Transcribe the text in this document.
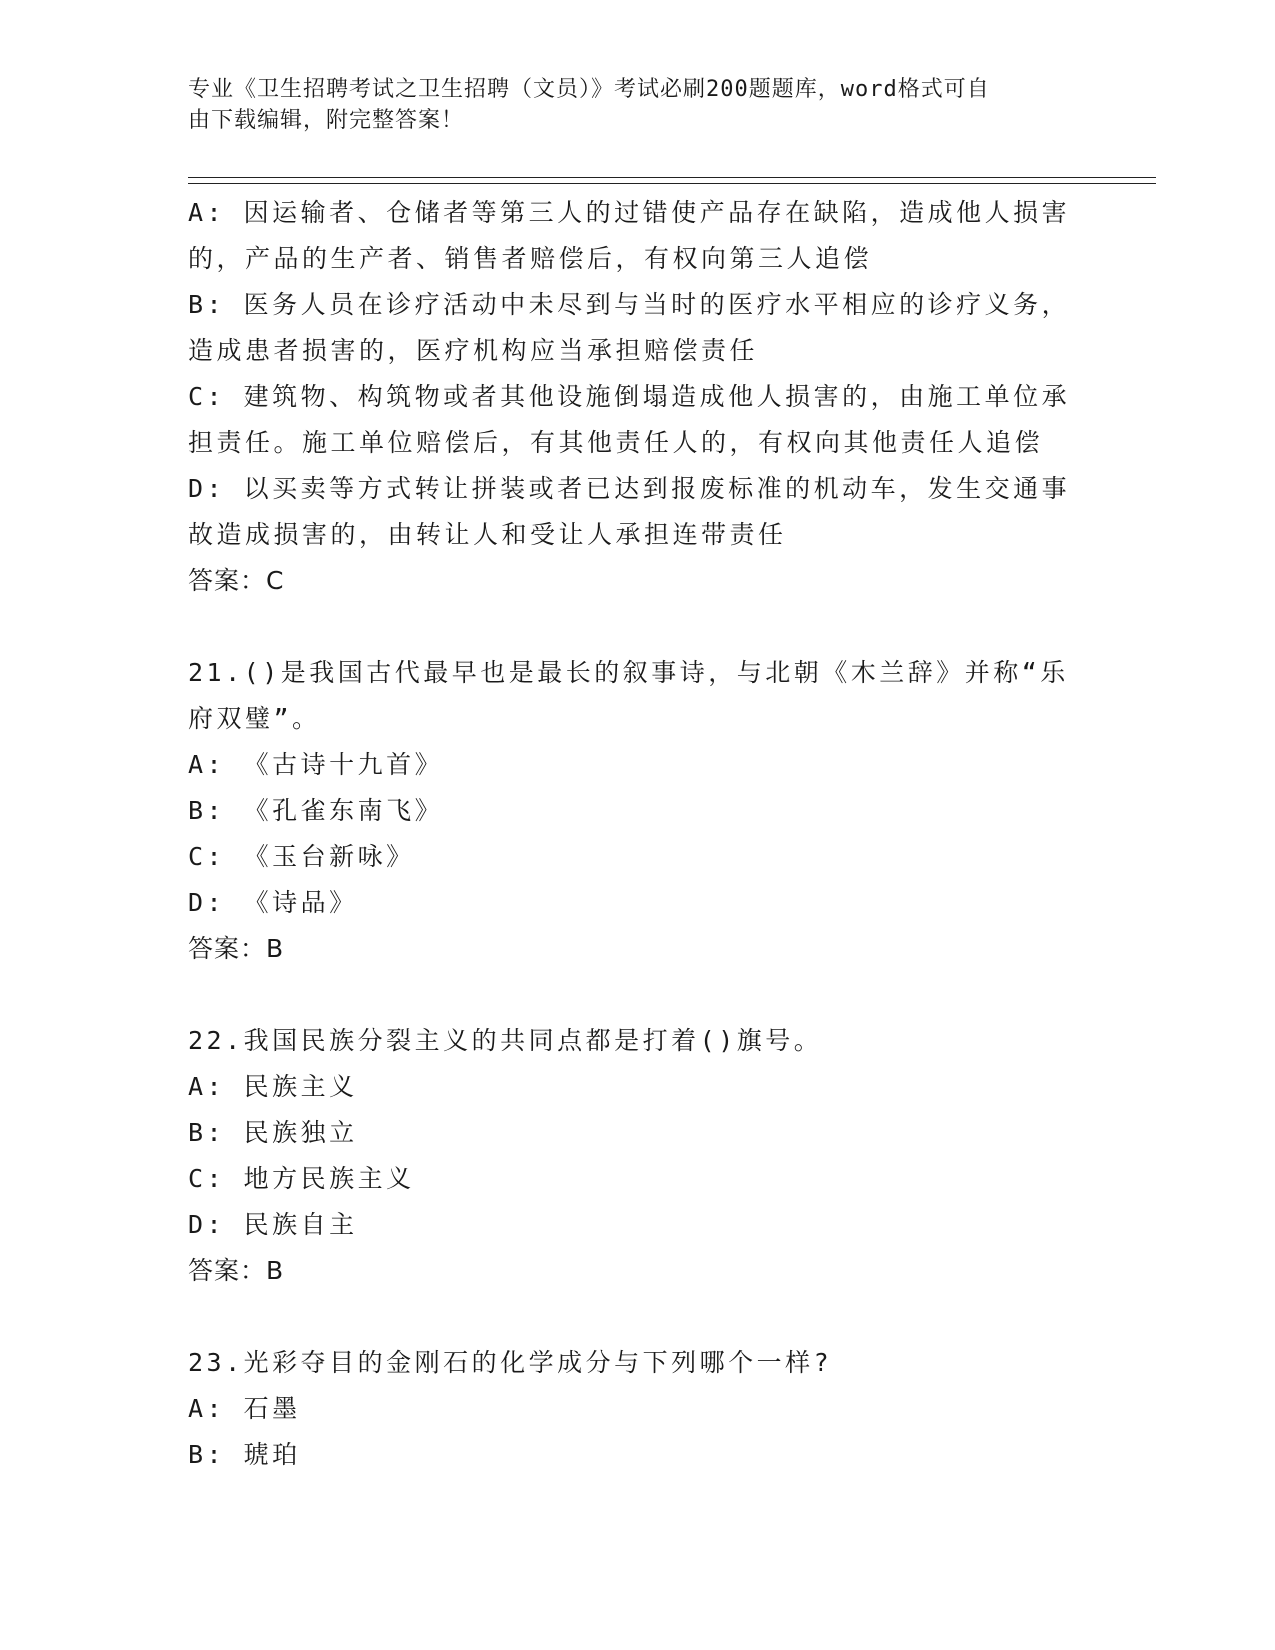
专业《卫生招聘考试之卫生招聘（文员）》考试必刷200题题库，word格式可自
由下载编辑，附完整答案！
A: 因运输者、仓储者等第三人的过错使产品存在缺陷，造成他人损害
的，产品的生产者、销售者赔偿后，有权向第三人追偿
B: 医务人员在诊疗活动中未尽到与当时的医疗水平相应的诊疗义务，
造成患者损害的，医疗机构应当承担赔偿责任
C: 建筑物、构筑物或者其他设施倒塌造成他人损害的，由施工单位承
担责任。施工单位赔偿后，有其他责任人的，有权向其他责任人追偿
D: 以买卖等方式转让拼装或者已达到报废标准的机动车，发生交通事
故造成损害的，由转让人和受让人承担连带责任
答案：C
21.()是我国古代最早也是最长的叙事诗，与北朝《木兰辞》并称“乐
府双璧”。
A: 《古诗十九首》
B: 《孔雀东南飞》
C: 《玉台新咏》
D: 《诗品》
答案：B
22.我国民族分裂主义的共同点都是打着()旗号。
A: 民族主义
B: 民族独立
C: 地方民族主义
D: 民族自主
答案：B
23.光彩夺目的金刚石的化学成分与下列哪个一样?
A: 石墨
B: 琥珀
